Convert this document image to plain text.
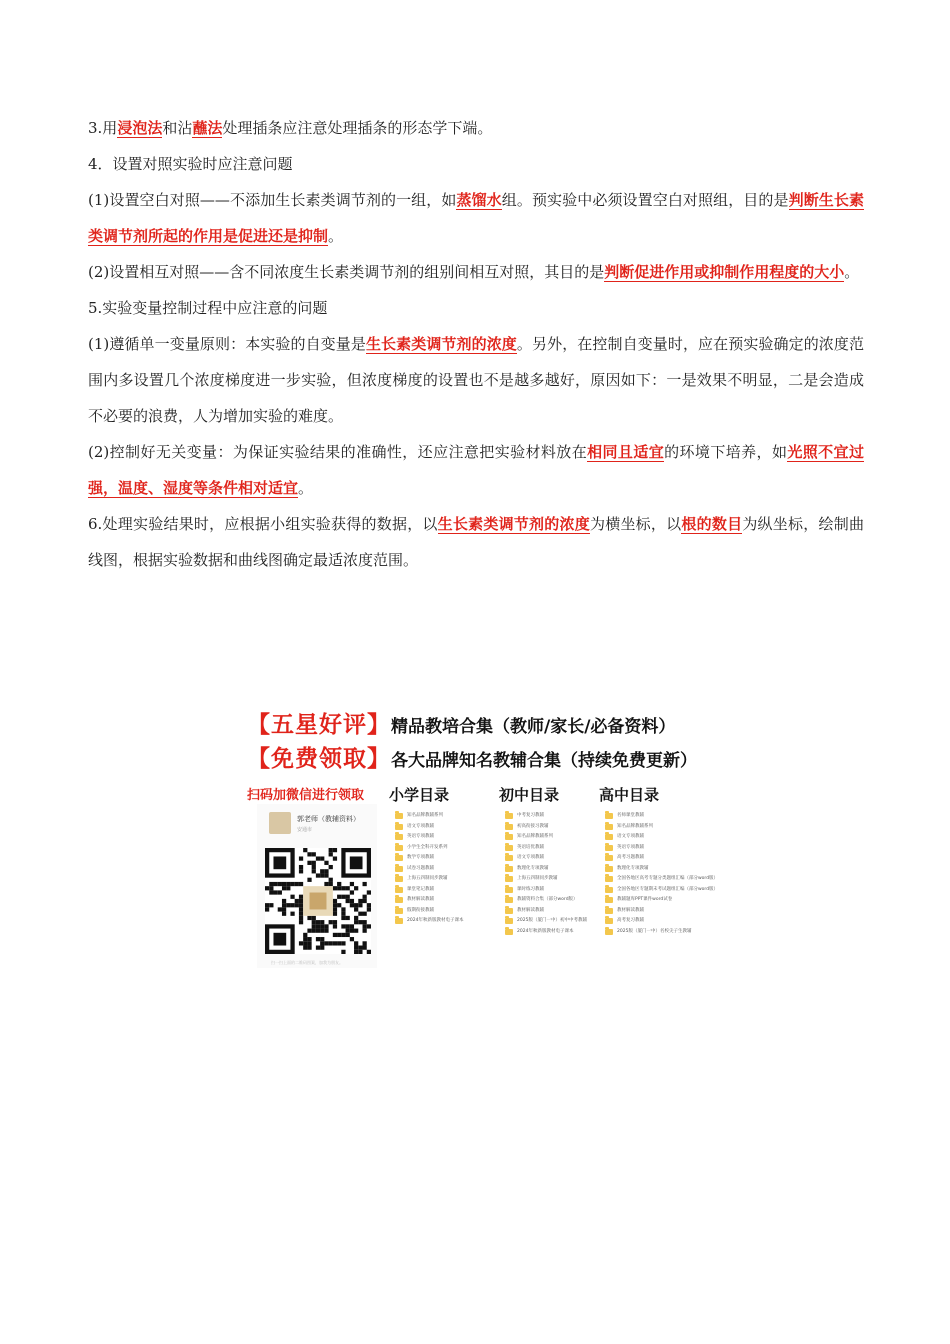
3.用浸泡法和沾蘸法处理插条应注意处理插条的形态学下端。

4．设置对照实验时应注意问题

(1)设置空白对照——不添加生长素类调节剂的一组，如蒸馏水组。预实验中必须设置空白对照组，目的是判断生长素类调节剂所起的作用是促进还是抑制。

(2)设置相互对照——含不同浓度生长素类调节剂的组别间相互对照，其目的是判断促进作用或抑制作用程度的大小。

5.实验变量控制过程中应注意的问题

(1)遵循单一变量原则：本实验的自变量是生长素类调节剂的浓度。另外，在控制自变量时，应在预实验确定的浓度范围内多设置几个浓度梯度进一步实验，但浓度梯度的设置也不是越多越好，原因如下：一是效果不明显，二是会造成不必要的浪费，人为增加实验的难度。

(2)控制好无关变量：为保证实验结果的准确性，还应注意把实验材料放在相同且适宜的环境下培养，如光照不宜过强，温度、湿度等条件相对适宜。

6.处理实验结果时，应根据小组实验获得的数据，以生长素类调节剂的浓度为横坐标，以根的数目为纵坐标，绘制曲线图，根据实验数据和曲线图确定最适浓度范围。

【五星好评】精品教培合集（教师/家长/必备资料）
【免费领取】各大品牌知名教辅合集（持续免费更新）
扫码加微信进行领取
郭老师（教辅资料）
安通市
扫一扫上面的二维码图案，加我为朋友。
小学目录
知名品牌教辅系列
语文专项教辅
英语专项教辅
小学生全科开发系列
数学专项教辅
试卷习题教辅
上海五四制同步教辅
课堂笔记教辅
教材解读教辅
假期衔接教辅
2024年秋新版教材电子课本
初中目录
中考复习教辅
初高衔接习教辅
知名品牌教辅系列
英语培优教辅
语文专项教辅
数理化专项教辅
上海五四制同步教辅
课时练习教辅
教辅资料合集（部分word版）
教材解读教辅
2025版（厦门一中）初中中考教辅
2024年秋新版教材电子课本
高中目录
名师课堂教辅
知名品牌教辅系列
语文专项教辅
英语专项教辅
高考习题教辅
数理化专项教辅
全国各地区高考专题分类题组汇编（部分word版）
全国各地区专题期末考试题组汇编（部分word版）
教辅题库PPT课件word试卷
教材解读教辅
高考复习教辅
2025版（厦门一中）名校尖子生教辅
